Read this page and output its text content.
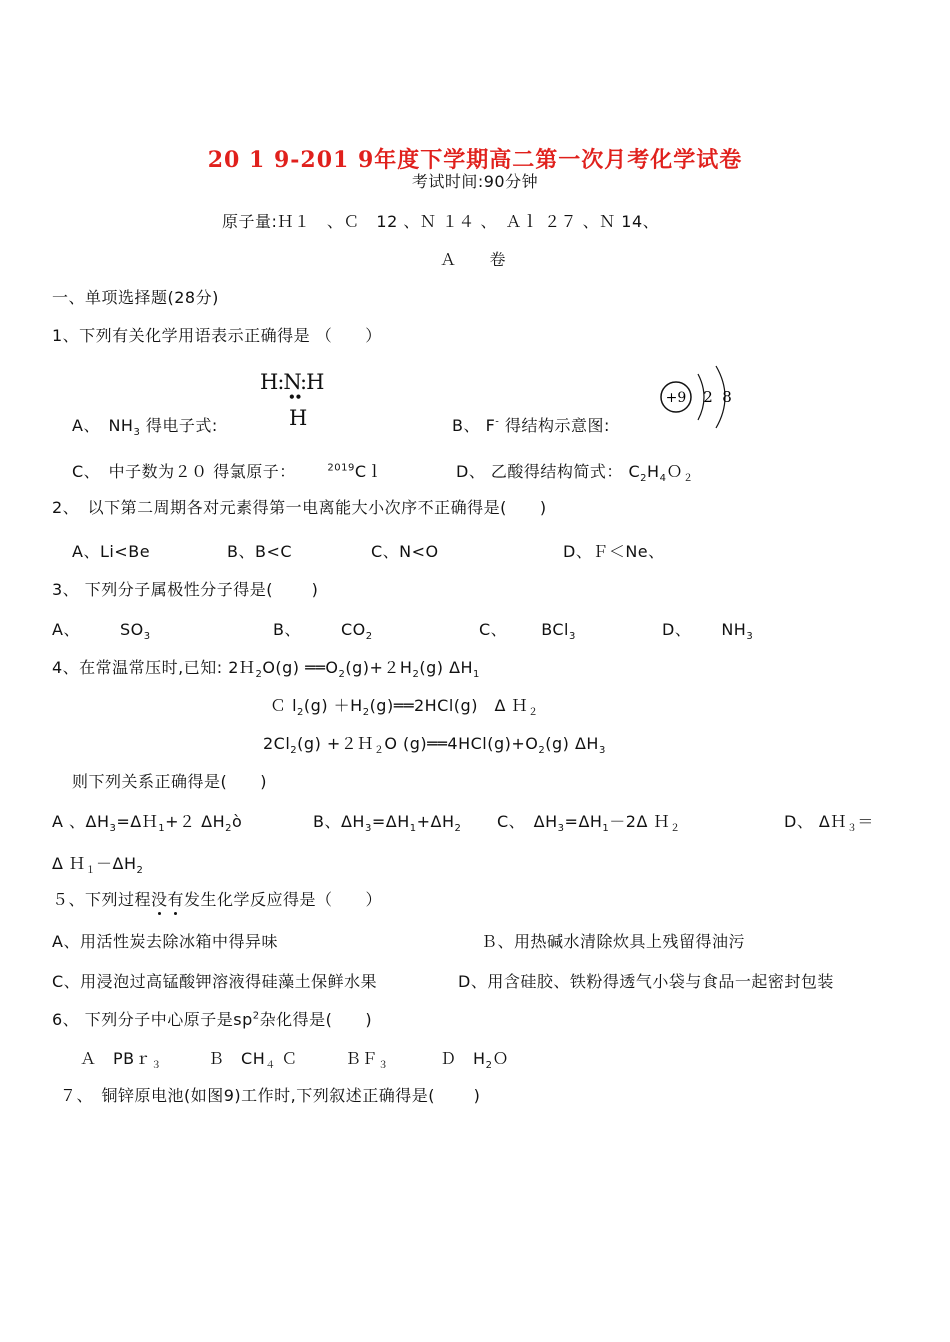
20 1 9-201 9年度下学期高二第一次月考化学试卷
考试时间:90分钟
原子量:Ｈ１　、Ｃ　12 、Ｎ １４ 、　Ａｌ ２７ 、Ｎ 14、
Ａ　　卷
一、单项选择题(28分)
1、下列有关化学用语表示正确得是 （　　）
H:N:H
••
H
A、　$NH_3$ 得电子式:	B、 F- 得结构示意图:
+9 2 8
C、　中子数为２０ 得氯原子：	$^{2019}$Cｌ	D、 乙酸得结构简式： $C_2H_4O_2$
2、　以下第二周期各对元素得第一电离能大小次序不正确得是(　　)
A、Li<Be	B、B<C	C、N<O	D、Ｆ＜Ne、
3、 下列分子属极性分子得是(　　 )
A、	$SO_3$	B、	$CO_2$	C、 BCl$_3$	D、 $NH_3$
4、在常温常压时,已知: 2Ｈ$_2$O(g) $══O_2(g)+2H_2(g)$ $\Delta H_1$
Ｃ $l_2(g)$ $+H_2(g)══2HCl(g)$　Δ Ｈ$_2$
$2Cl_2(g)$ +２Ｈ$_2$O $(g)══4HCl(g)+O_2(g)$ $\Delta H_3$
则下列关系正确得是(　　)
A 、$\Delta H_3=\Delta H_1+2$ $\Delta H_2ò$	B、$\Delta H_3=\Delta H_1+\Delta H_2$ C、　$\Delta H_3=\Delta H_1-2\Delta$ Ｈ$_2$	D、 ΔＨ$_3$＝
Δ $H_1-\Delta H_2$
５、下列过程没有发生化学反应得是（　　）
A、用活性炭去除冰箱中得异味	Ｂ、用热碱水清除炊具上残留得油污
C、用浸泡过高锰酸钾溶液得硅藻土保鲜水果	D、用含硅胶、铁粉得透气小袋与食品一起密封包装
6、 下列分子中心原子是$sp^2$杂化得是(　　)
Ａ　 PBｒ$_3$	Ｂ　 $CH_4$ Ｃ	ＢＦ$_3$	Ｄ　 $H_2O$
７、　铜锌原电池(如图9)工作时,下列叙述正确得是(　　 )
